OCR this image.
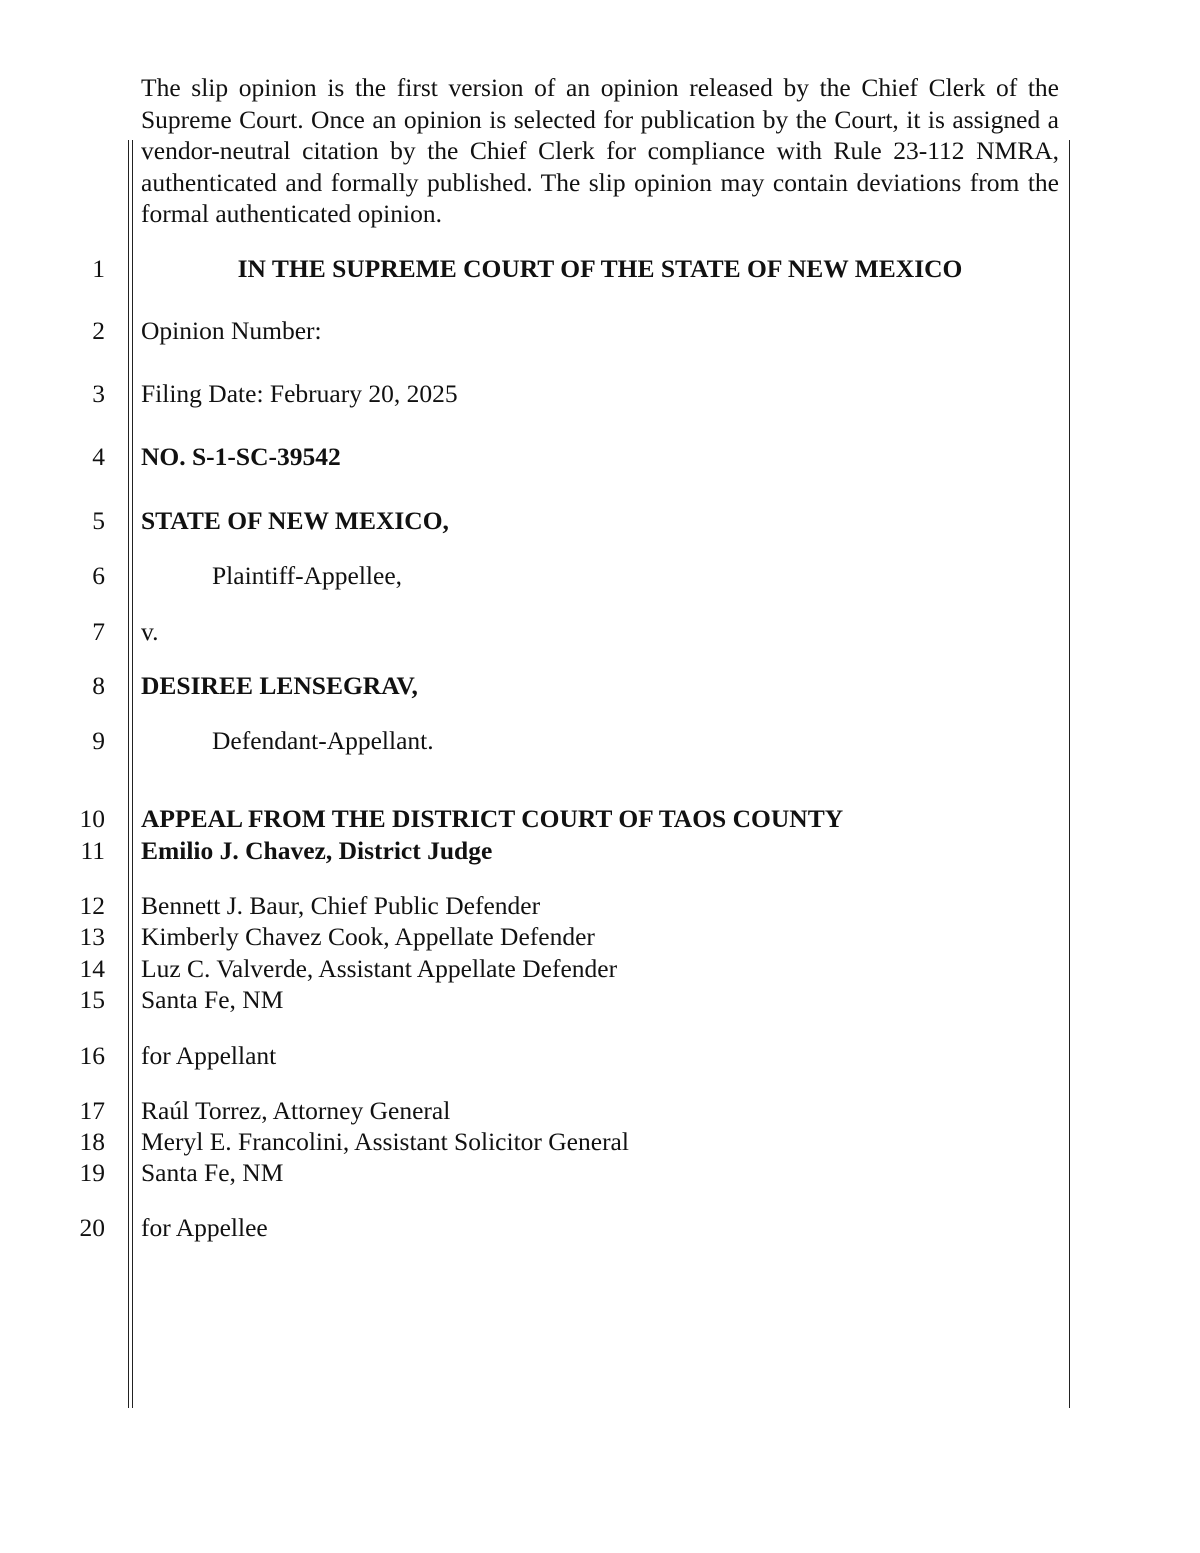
The slip opinion is the first version of an opinion released by the Chief Clerk of the Supreme Court. Once an opinion is selected for publication by the Court, it is assigned a vendor-neutral citation by the Chief Clerk for compliance with Rule 23-112 NMRA, authenticated and formally published. The slip opinion may contain deviations from the formal authenticated opinion.
1	IN THE SUPREME COURT OF THE STATE OF NEW MEXICO
2 Opinion Number:
3 Filing Date: February 20, 2025
4 NO. S-1-SC-39542
5 STATE OF NEW MEXICO,
6	Plaintiff-Appellee,
7 v.
8 DESIREE LENSEGRAV,
9	Defendant-Appellant.
10 APPEAL FROM THE DISTRICT COURT OF TAOS COUNTY
11 Emilio J. Chavez, District Judge
12 Bennett J. Baur, Chief Public Defender
13 Kimberly Chavez Cook, Appellate Defender
14 Luz C. Valverde, Assistant Appellate Defender
15 Santa Fe, NM
16 for Appellant
17 Raúl Torrez, Attorney General
18 Meryl E. Francolini, Assistant Solicitor General
19 Santa Fe, NM
20 for Appellee
